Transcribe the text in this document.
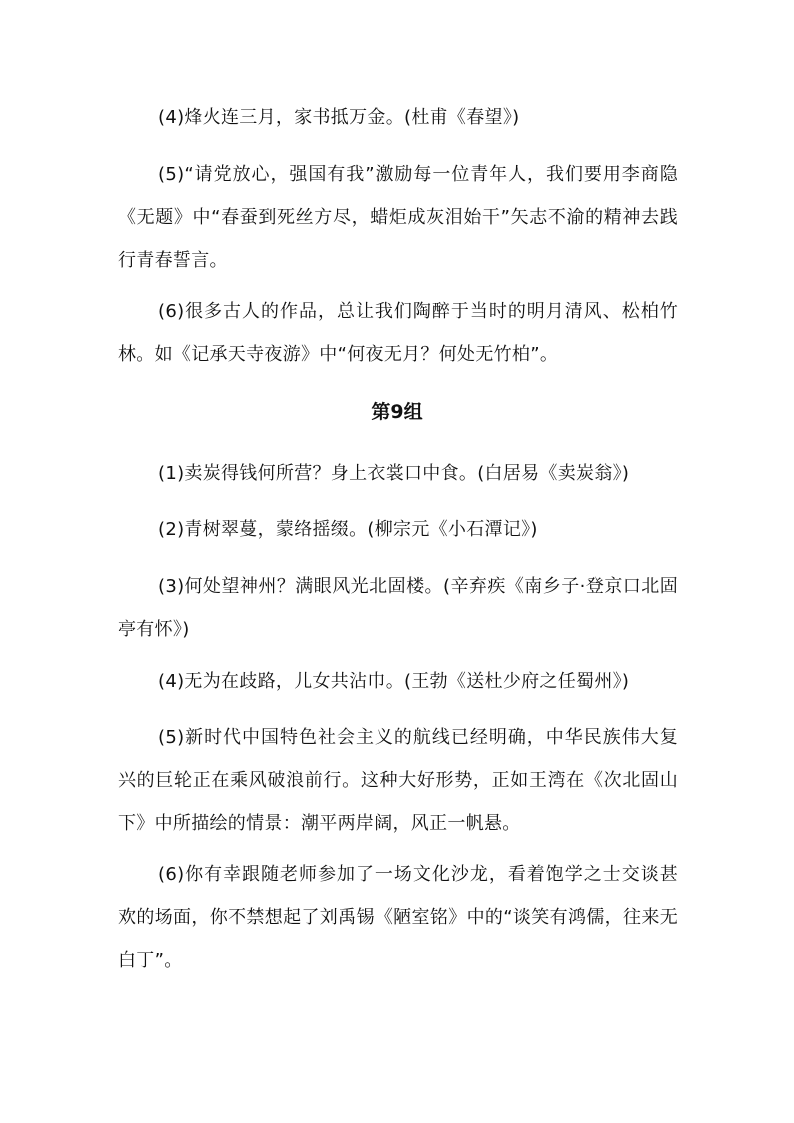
(4)烽火连三月，家书抵万金。(杜甫《春望》)

(5)“请党放心，强国有我”激励每一位青年人，我们要用李商隐《无题》中“春蚕到死丝方尽，蜡炬成灰泪始干”矢志不渝的精神去践行青春誓言。

(6)很多古人的作品，总让我们陶醉于当时的明月清风、松柏竹林。如《记承天寺夜游》中“何夜无月？何处无竹柏”。

第9组

(1)卖炭得钱何所营？身上衣裳口中食。(白居易《卖炭翁》)

(2)青树翠蔓，蒙络摇缀。(柳宗元《小石潭记》)

(3)何处望神州？满眼风光北固楼。(辛弃疾《南乡子·登京口北固亭有怀》)

(4)无为在歧路，儿女共沾巾。(王勃《送杜少府之任蜀州》)

(5)新时代中国特色社会主义的航线已经明确，中华民族伟大复兴的巨轮正在乘风破浪前行。这种大好形势，正如王湾在《次北固山下》中所描绘的情景：潮平两岸阔，风正一帆悬。

(6)你有幸跟随老师参加了一场文化沙龙，看着饱学之士交谈甚欢的场面，你不禁想起了刘禹锡《陋室铭》中的“谈笑有鸿儒，往来无白丁”。
